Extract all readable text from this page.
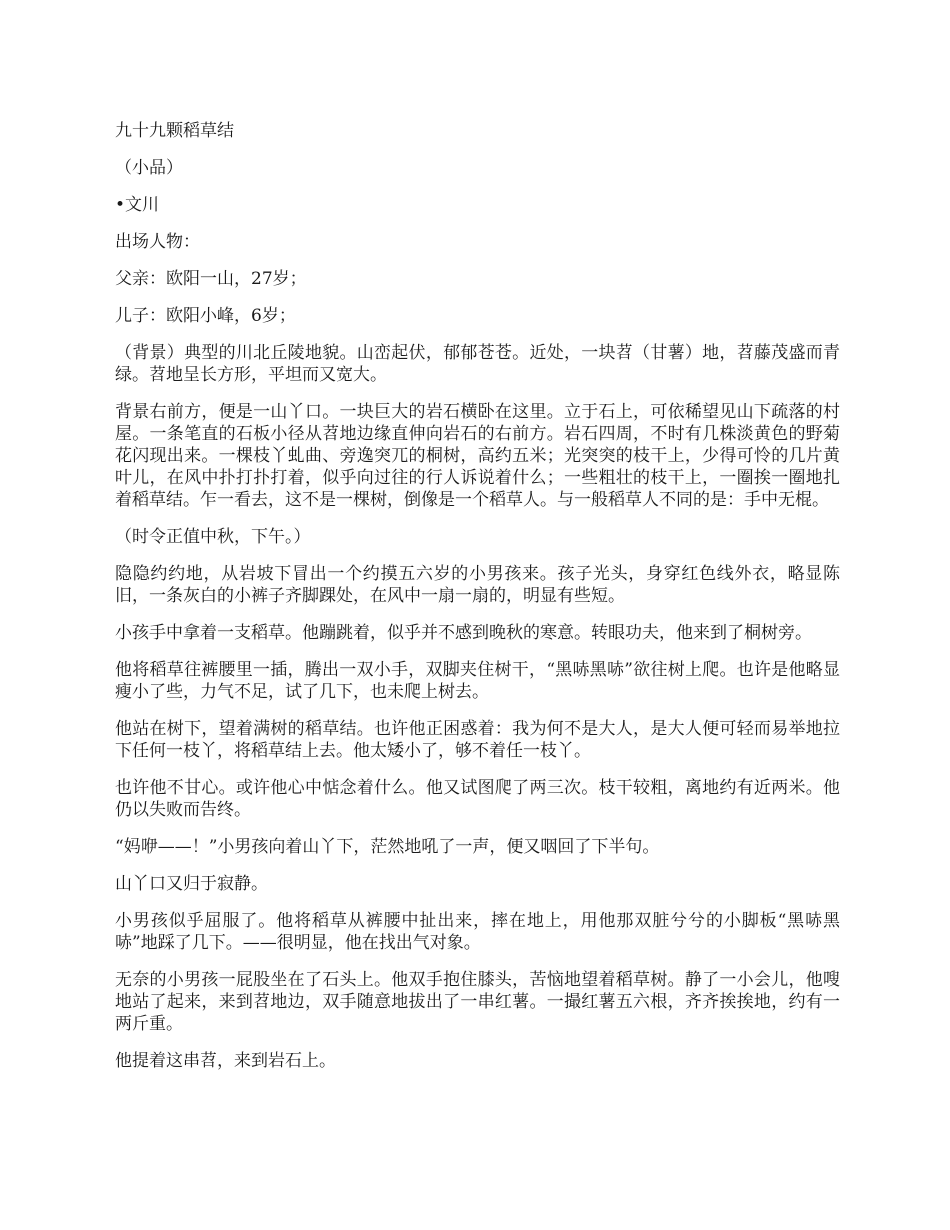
九十九颗稻草结

（小品）

•文川

出场人物：

父亲：欧阳一山，27岁；

儿子：欧阳小峰，6岁；

（背景）典型的川北丘陵地貌。山峦起伏，郁郁苍苍。近处，一块苕（甘薯）地，苕藤茂盛而青绿。苕地呈长方形，平坦而又宽大。

背景右前方，便是一山丫口。一块巨大的岩石横卧在这里。立于石上，可依稀望见山下疏落的村屋。一条笔直的石板小径从苕地边缘直伸向岩石的右前方。岩石四周，不时有几株淡黄色的野菊花闪现出来。一棵枝丫虬曲、旁逸突兀的桐树，高约五米；光突突的枝干上，少得可怜的几片黄叶儿，在风中扑打扑打着，似乎向过往的行人诉说着什么；一些粗壮的枝干上，一圈挨一圈地扎着稻草结。乍一看去，这不是一棵树，倒像是一个稻草人。与一般稻草人不同的是：手中无棍。

（时令正值中秋，下午。）

隐隐约约地，从岩坡下冒出一个约摸五六岁的小男孩来。孩子光头，身穿红色线外衣，略显陈旧，一条灰白的小裤子齐脚踝处，在风中一扇一扇的，明显有些短。

小孩手中拿着一支稻草。他蹦跳着，似乎并不感到晚秋的寒意。转眼功夫，他来到了桐树旁。

他将稻草往裤腰里一插，腾出一双小手，双脚夹住树干，“黑哧黑哧”欲往树上爬。也许是他略显瘦小了些，力气不足，试了几下，也未爬上树去。

他站在树下，望着满树的稻草结。也许他正困惑着：我为何不是大人，是大人便可轻而易举地拉下任何一枝丫，将稻草结上去。他太矮小了，够不着任一枝丫。

也许他不甘心。或许他心中惦念着什么。他又试图爬了两三次。枝干较粗，离地约有近两米。他仍以失败而告终。

“妈咿——！”小男孩向着山丫下，茫然地吼了一声，便又咽回了下半句。

山丫口又归于寂静。

小男孩似乎屈服了。他将稻草从裤腰中扯出来，摔在地上，用他那双脏兮兮的小脚板“黑哧黑哧”地踩了几下。——很明显，他在找出气对象。

无奈的小男孩一屁股坐在了石头上。他双手抱住膝头，苦恼地望着稻草树。静了一小会儿，他嗖地站了起来，来到苕地边，双手随意地拔出了一串红薯。一撮红薯五六根，齐齐挨挨地，约有一两斤重。

他提着这串苕，来到岩石上。
